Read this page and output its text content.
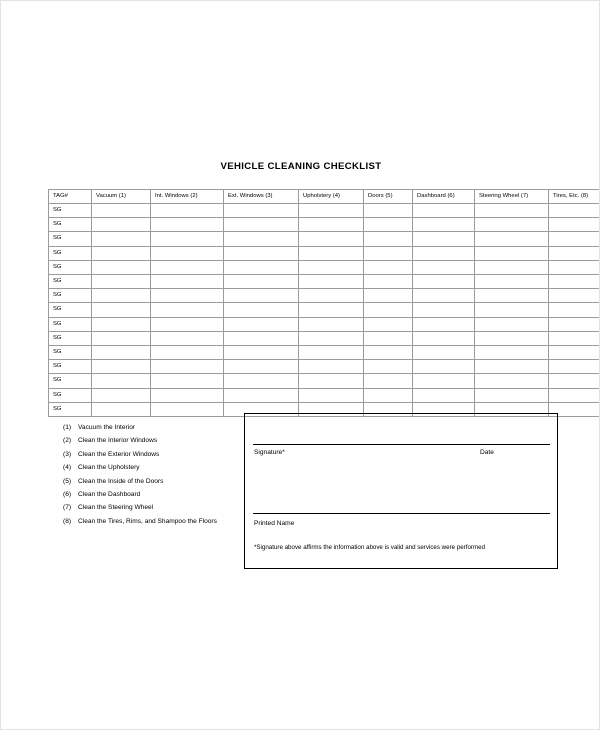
VEHICLE CLEANING CHECKLIST
TAG#	Vacuum (1)	Int. Windows (2)	Ext. Windows (3)	Upholstery (4)	Doors (5)	Dashboard (6)	Steering Wheel (7)	Tires, Etc. (8)
SG								
SG								
SG								
SG								
SG								
SG								
SG								
SG								
SG								
SG								
SG								
SG								
SG								
SG								
SG								
(1) Vacuum the Interior
(2) Clean the Interior Windows
(3) Clean the Exterior Windows
(4) Clean the Upholstery
(5) Clean the Inside of the Doors
(6) Clean the Dashboard
(7) Clean the Steering Wheel
(8) Clean the Tires, Rims, and Shampoo the Floors
Signature*	Date
Printed Name
*Signature above affirms the information above is valid and services were performed
